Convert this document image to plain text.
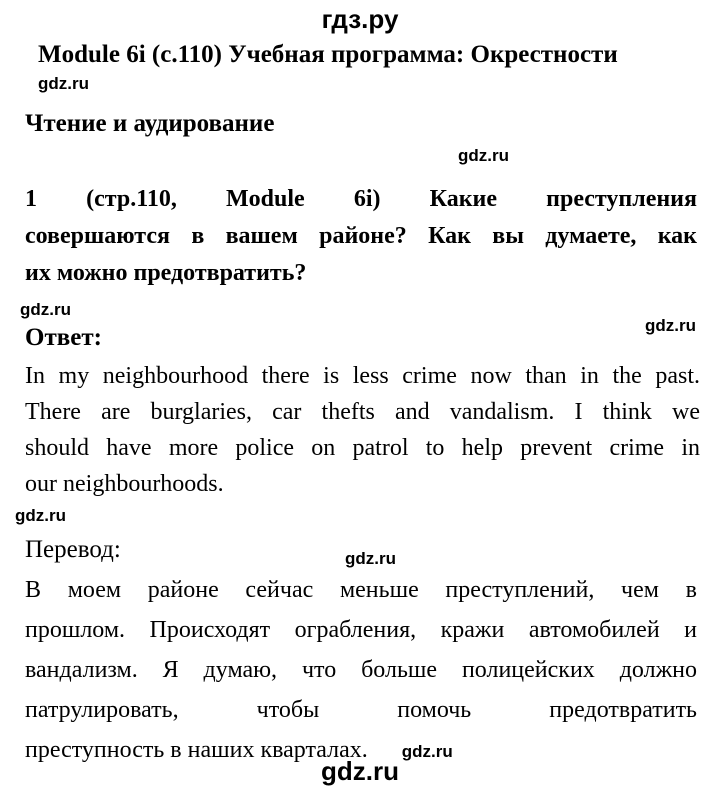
гдз.ру
Module 6i (с.110) Учебная программа: Окрестности
gdz.ru
Чтение и аудирование
gdz.ru
1 (стр.110, Module 6i) Какие преступления
совершаются в вашем районе? Как вы думаете, как
их можно предотвратить?
gdz.ru
gdz.ru
Ответ:
In my neighbourhood there is less crime now than in the past.
There are burglaries, car thefts and vandalism. I think we
should have more police on patrol to help prevent crime in
our neighbourhoods.
gdz.ru
Перевод:	gdz.ru
В моем районе сейчас меньше преступлений, чем в
прошлом. Происходят ограбления, кражи автомобилей и
вандализм. Я думаю, что больше полицейских должно
патрулировать, чтобы помочь предотвратить
преступность в наших кварталах. gdz.ru
gdz.ru
